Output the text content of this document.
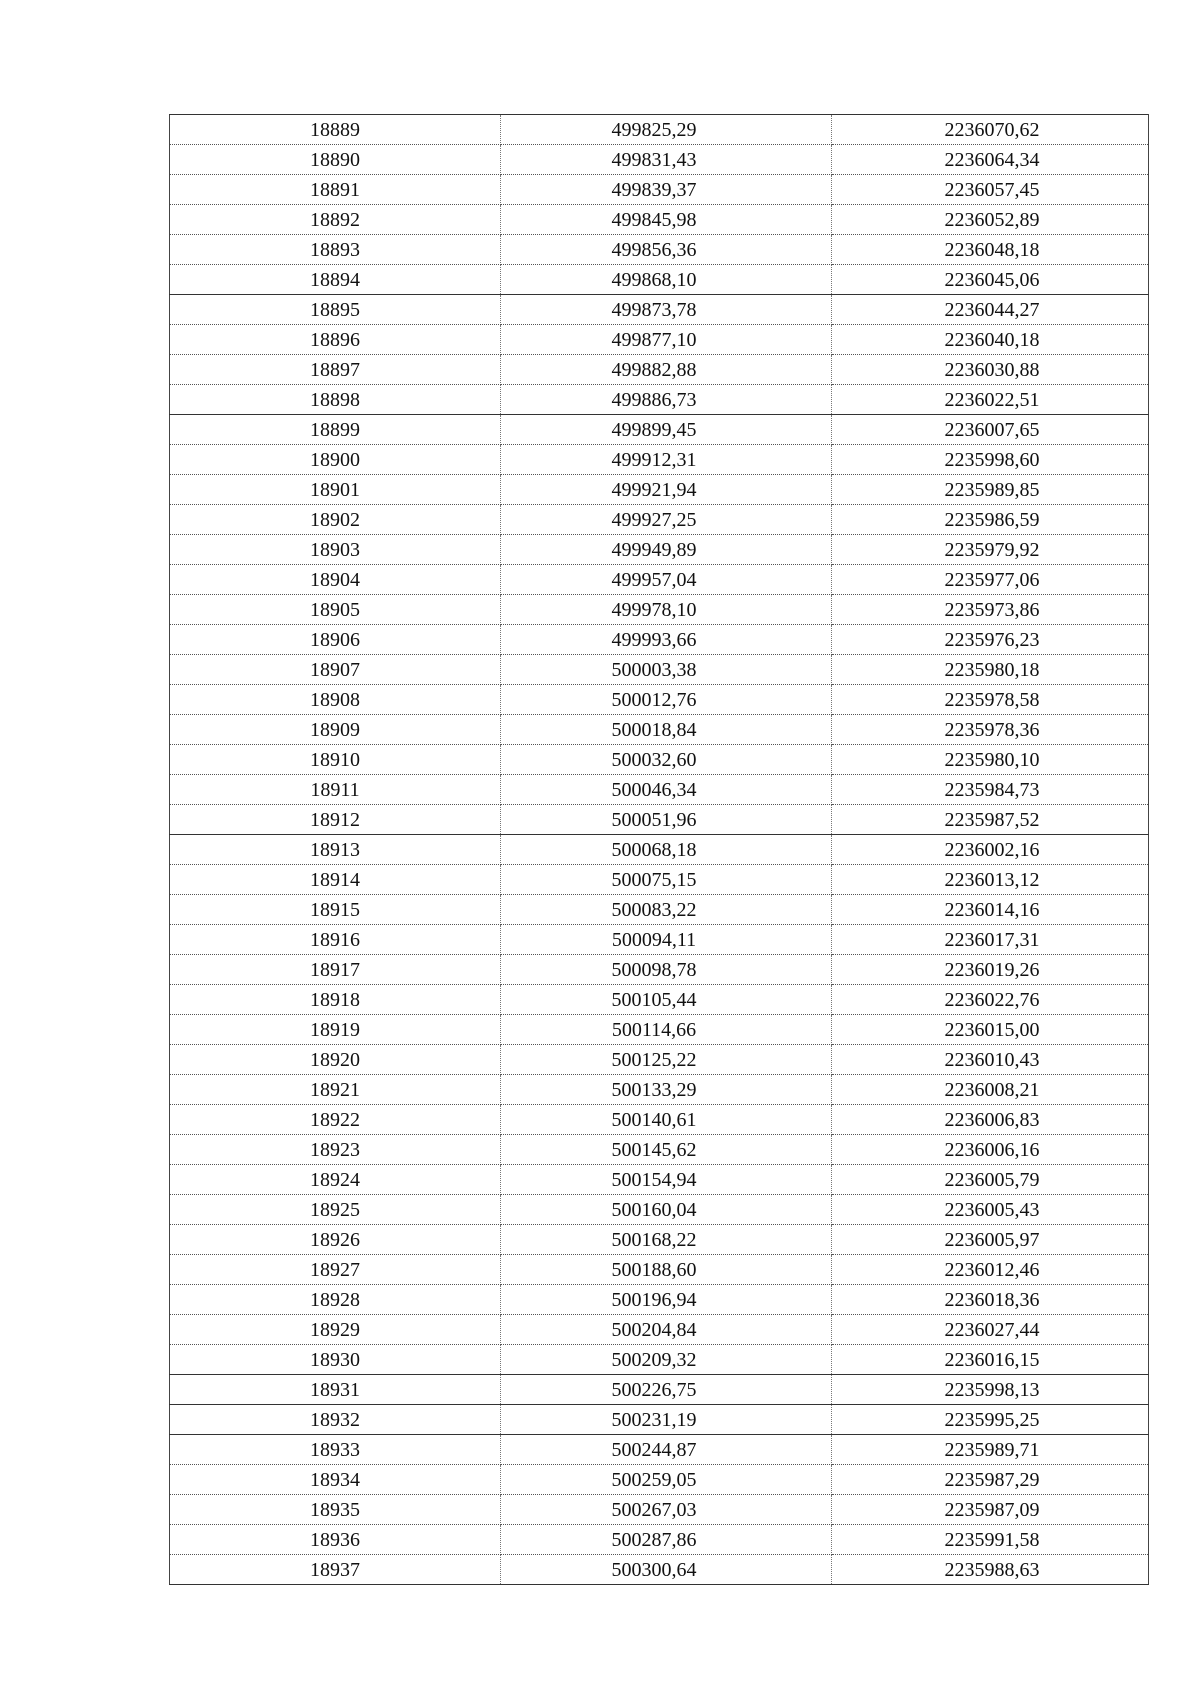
18889	499825,29	2236070,62
18890	499831,43	2236064,34
18891	499839,37	2236057,45
18892	499845,98	2236052,89
18893	499856,36	2236048,18
18894	499868,10	2236045,06
18895	499873,78	2236044,27
18896	499877,10	2236040,18
18897	499882,88	2236030,88
18898	499886,73	2236022,51
18899	499899,45	2236007,65
18900	499912,31	2235998,60
18901	499921,94	2235989,85
18902	499927,25	2235986,59
18903	499949,89	2235979,92
18904	499957,04	2235977,06
18905	499978,10	2235973,86
18906	499993,66	2235976,23
18907	500003,38	2235980,18
18908	500012,76	2235978,58
18909	500018,84	2235978,36
18910	500032,60	2235980,10
18911	500046,34	2235984,73
18912	500051,96	2235987,52
18913	500068,18	2236002,16
18914	500075,15	2236013,12
18915	500083,22	2236014,16
18916	500094,11	2236017,31
18917	500098,78	2236019,26
18918	500105,44	2236022,76
18919	500114,66	2236015,00
18920	500125,22	2236010,43
18921	500133,29	2236008,21
18922	500140,61	2236006,83
18923	500145,62	2236006,16
18924	500154,94	2236005,79
18925	500160,04	2236005,43
18926	500168,22	2236005,97
18927	500188,60	2236012,46
18928	500196,94	2236018,36
18929	500204,84	2236027,44
18930	500209,32	2236016,15
18931	500226,75	2235998,13
18932	500231,19	2235995,25
18933	500244,87	2235989,71
18934	500259,05	2235987,29
18935	500267,03	2235987,09
18936	500287,86	2235991,58
18937	500300,64	2235988,63
